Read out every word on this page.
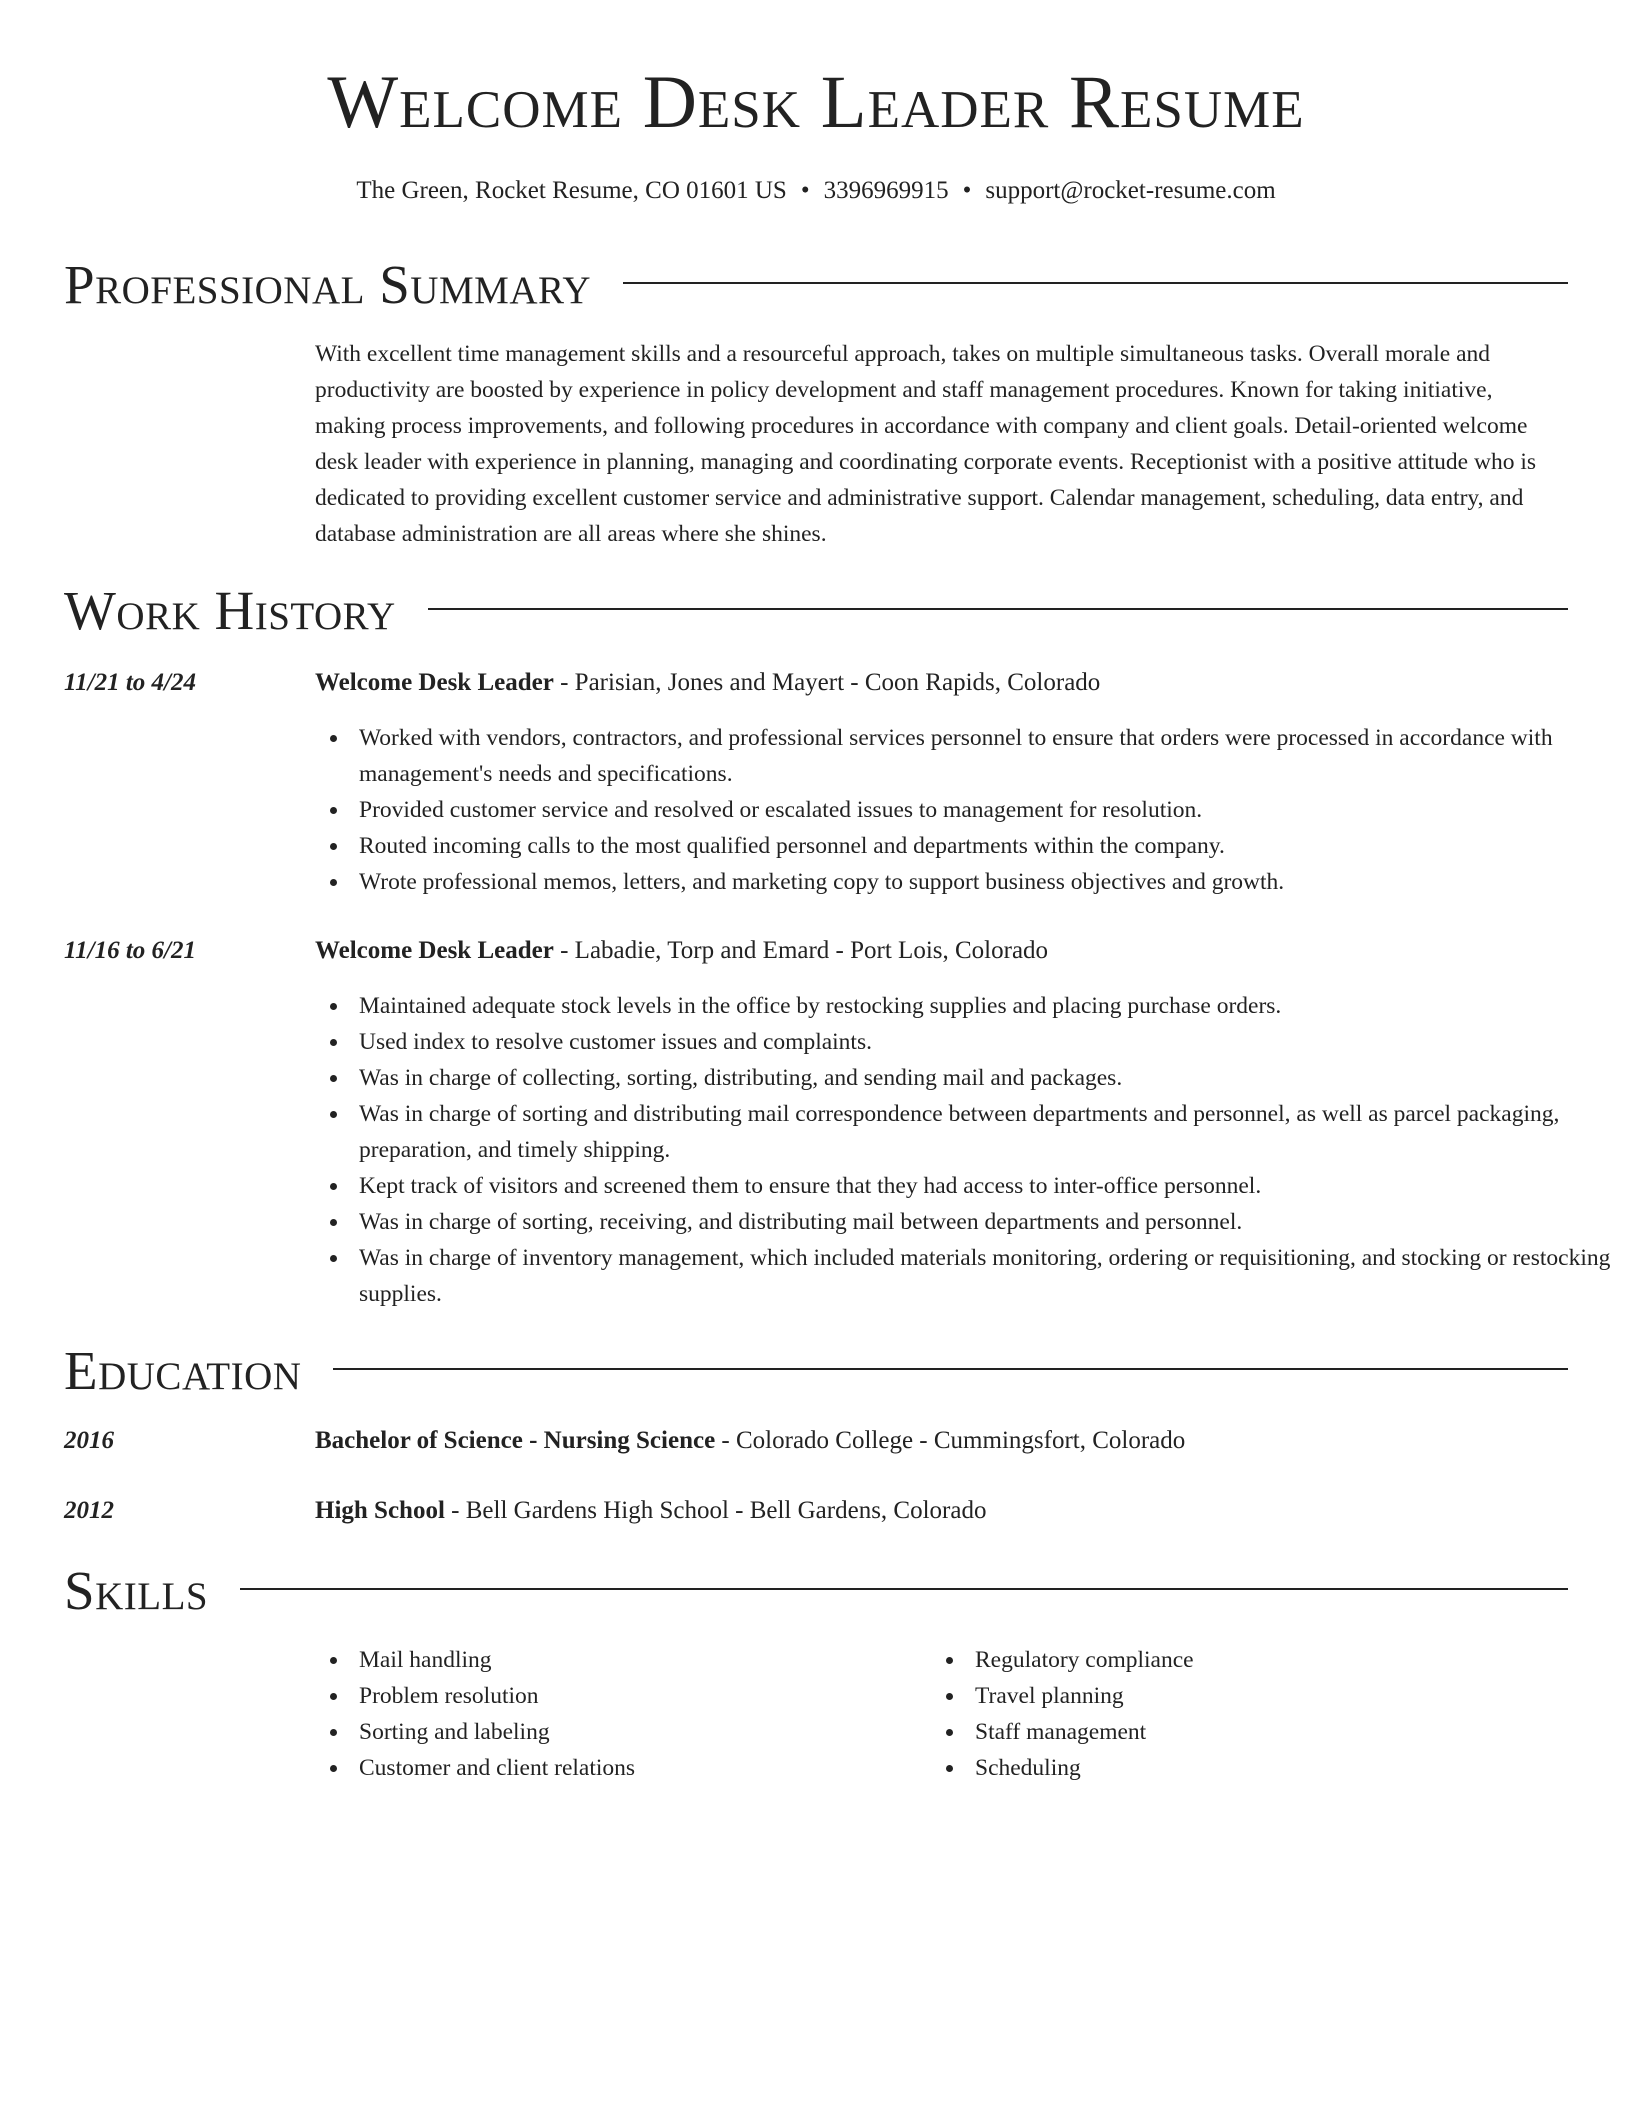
Welcome Desk Leader Resume
The Green, Rocket Resume, CO 01601 US • 3396969915 • support@rocket-resume.com
Professional Summary
With excellent time management skills and a resourceful approach, takes on multiple simultaneous tasks. Overall morale and productivity are boosted by experience in policy development and staff management procedures. Known for taking initiative, making process improvements, and following procedures in accordance with company and client goals. Detail-oriented welcome desk leader with experience in planning, managing and coordinating corporate events. Receptionist with a positive attitude who is dedicated to providing excellent customer service and administrative support. Calendar management, scheduling, data entry, and database administration are all areas where she shines.
Work History
11/21 to 4/24	Welcome Desk Leader - Parisian, Jones and Mayert - Coon Rapids, Colorado
Worked with vendors, contractors, and professional services personnel to ensure that orders were processed in accordance with management's needs and specifications.
Provided customer service and resolved or escalated issues to management for resolution.
Routed incoming calls to the most qualified personnel and departments within the company.
Wrote professional memos, letters, and marketing copy to support business objectives and growth.
11/16 to 6/21	Welcome Desk Leader - Labadie, Torp and Emard - Port Lois, Colorado
Maintained adequate stock levels in the office by restocking supplies and placing purchase orders.
Used index to resolve customer issues and complaints.
Was in charge of collecting, sorting, distributing, and sending mail and packages.
Was in charge of sorting and distributing mail correspondence between departments and personnel, as well as parcel packaging, preparation, and timely shipping.
Kept track of visitors and screened them to ensure that they had access to inter-office personnel.
Was in charge of sorting, receiving, and distributing mail between departments and personnel.
Was in charge of inventory management, which included materials monitoring, ordering or requisitioning, and stocking or restocking supplies.
Education
2016	Bachelor of Science - Nursing Science - Colorado College - Cummingsfort, Colorado
2012	High School - Bell Gardens High School - Bell Gardens, Colorado
Skills
Mail handling
Problem resolution
Sorting and labeling
Customer and client relations
Regulatory compliance
Travel planning
Staff management
Scheduling
